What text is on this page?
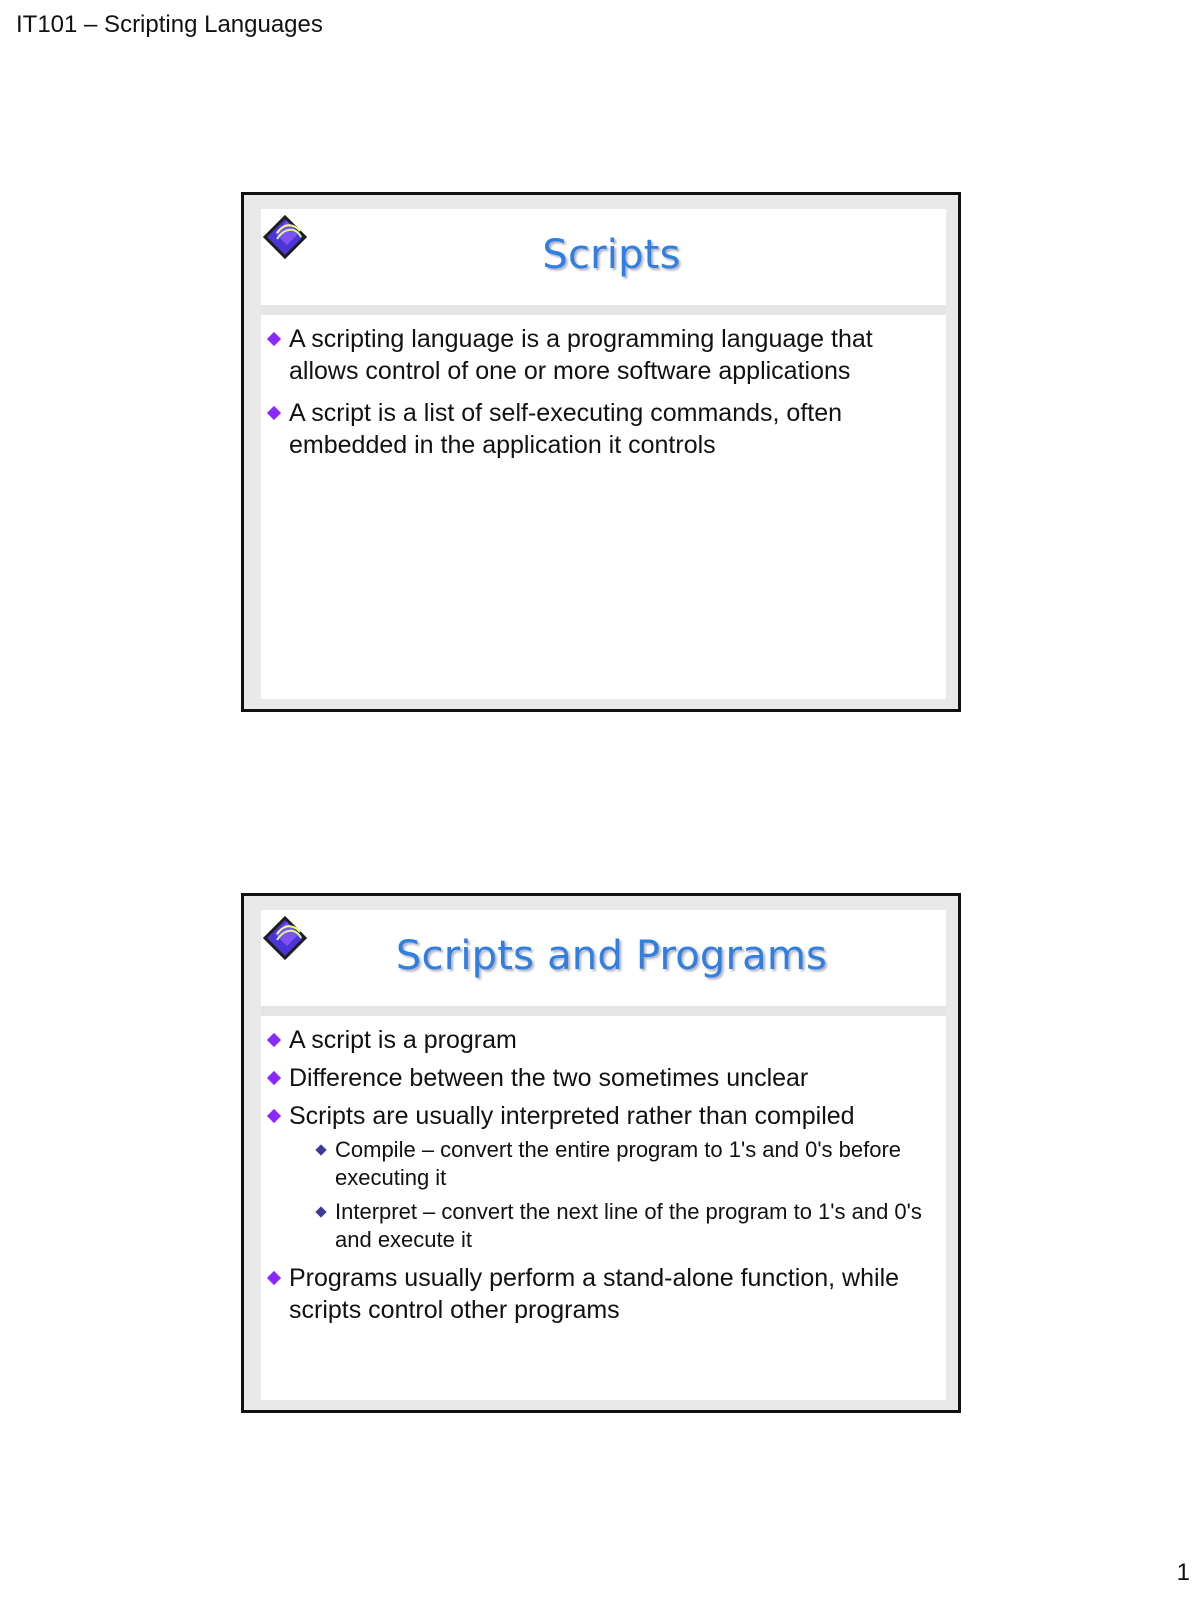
IT101 – Scripting Languages
Scripts
A scripting language is a programming language that allows control of one or more software applications
A script is a list of self-executing commands, often embedded in the application it controls
Scripts and Programs
A script is a program
Difference between the two sometimes unclear
Scripts are usually interpreted rather than compiled
Compile – convert the entire program to 1's and 0's before executing it
Interpret – convert the next line of the program to 1's and 0's and execute it
Programs usually perform a stand-alone function, while scripts control other programs
1
